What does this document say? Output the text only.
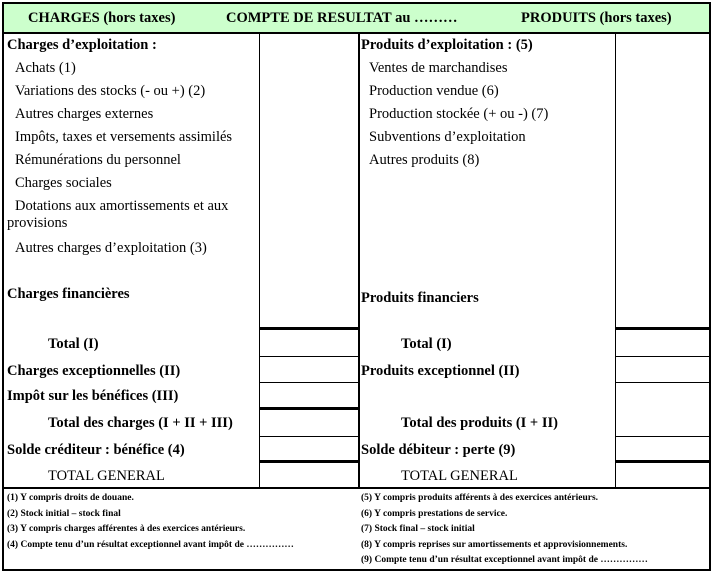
CHARGES (hors taxes)	COMPTE DE RESULTAT au ………	PRODUITS (hors taxes)
Charges d’exploitation :
Achats (1)
Variations des stocks (- ou +) (2)
Autres charges externes
Impôts, taxes et versements assimilés
Rémunérations du personnel
Charges sociales
Dotations aux amortissements et aux provisions
Autres charges d’exploitation (3)
Charges financières
Total (I)
Charges exceptionnelles (II)
Impôt sur les bénéfices (III)
Total des charges (I + II + III)
Solde créditeur : bénéfice (4)
TOTAL GENERAL
Produits d’exploitation : (5)
Ventes de marchandises
Production vendue (6)
Production stockée (+ ou -) (7)
Subventions d’exploitation
Autres produits (8)
Produits financiers
Total (I)
Produits exceptionnel (II)
Total des produits (I + II)
Solde débiteur : perte (9)
TOTAL GENERAL
(1) Y compris droits de douane.
(2) Stock initial – stock final
(3) Y compris charges afférentes à des exercices antérieurs.
(4) Compte tenu d’un résultat exceptionnel avant impôt de ……………
(5) Y compris produits afférents à des exercices antérieurs.
(6) Y compris prestations de service.
(7) Stock final – stock initial
(8) Y compris reprises sur amortissements et approvisionnements.
(9) Compte tenu d’un résultat exceptionnel avant impôt de ……………
